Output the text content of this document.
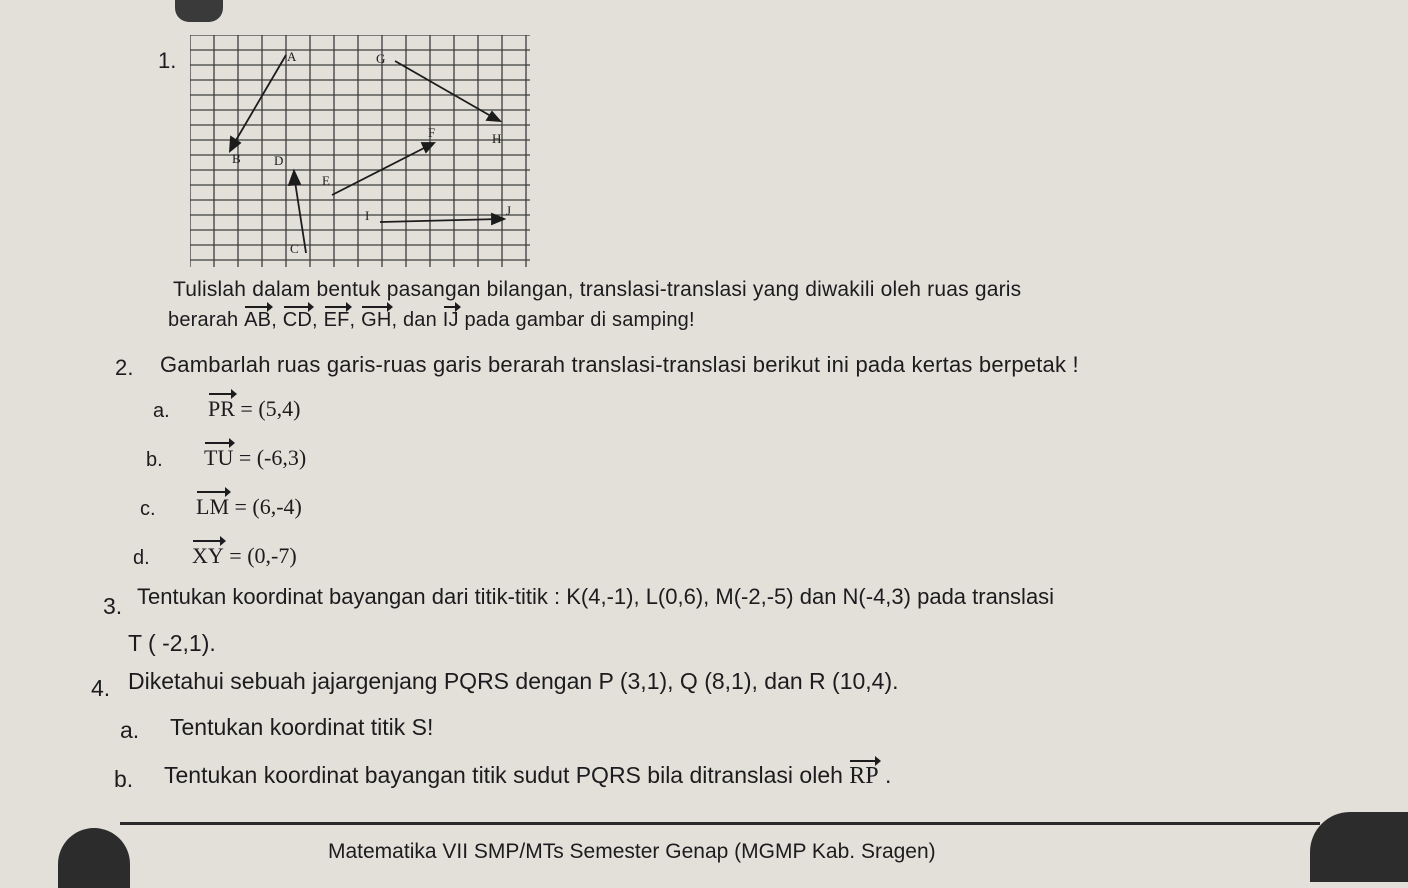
1.	A	G
F	H
B	D
E
I	J
C
Tulislah dalam bentuk pasangan bilangan, translasi-translasi yang diwakili oleh ruas garis
berarah AB, CD, EF, GH, dan IJ pada gambar di samping!
2. Gambarlah ruas garis-ruas garis berarah translasi-translasi berikut ini pada kertas berpetak !
a. PR = (5,4)
b. TU = (-6,3)
c. LM = (6,-4)
d. XY = (0,-7)
3. Tentukan koordinat bayangan dari titik-titik : K(4,-1), L(0,6), M(-2,-5) dan N(-4,3) pada translasi
T ( -2,1).
4. Diketahui sebuah jajargenjang PQRS dengan P (3,1), Q (8,1), dan R (10,4).
a. Tentukan koordinat titik S!
b. Tentukan koordinat bayangan titik sudut PQRS bila ditranslasi oleh RP .
Matematika VII SMP/MTs Semester Genap (MGMP Kab. Sragen)
